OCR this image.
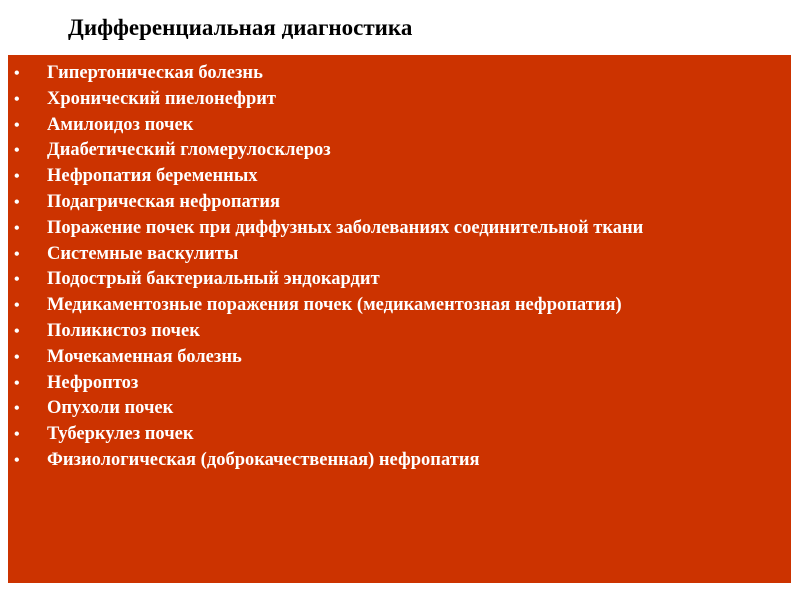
Дифференциальная диагностика
• Гипертоническая болезнь
• Хронический пиелонефрит
• Амилоидоз почек
• Диабетический гломерулосклероз
• Нефропатия беременных
• Подагрическая нефропатия
• Поражение почек при диффузных заболеваниях соединительной ткани
• Системные васкулиты
• Подострый бактериальный эндокардит
• Медикаментозные поражения почек (медикаментозная нефропатия)
• Поликистоз почек
• Мочекаменная болезнь
• Нефроптоз
• Опухоли почек
• Туберкулез почек
• Физиологическая (доброкачественная) нефропатия
